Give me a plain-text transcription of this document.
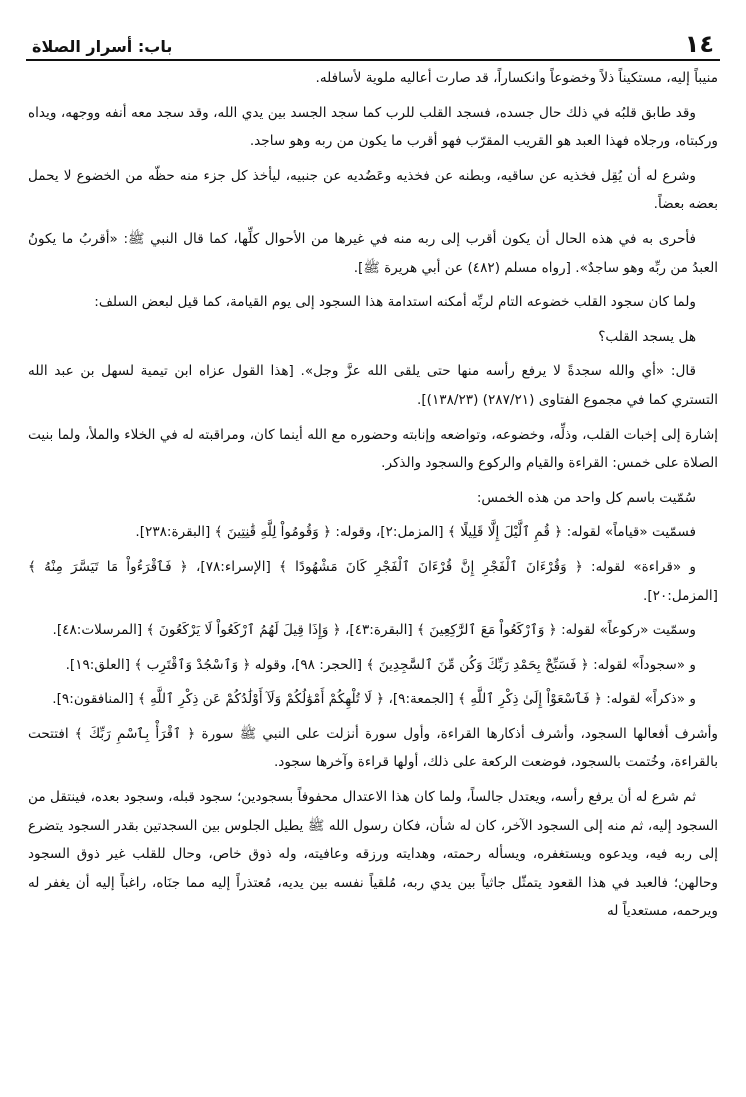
١٤
باب: أسرار الصلاة

منيباً إليه، مستكيناً ذلاً وخضوعاً وانكساراً، قد صارت أعاليه ملوية لأسافله.

وقد طابق قلبُه في ذلك حال جسده، فسجد القلب للرب كما سجد الجسد بين يدي الله، وقد سجد معه أنفه ووجهه، ويداه وركبتاه، ورجلاه فهذا العبد هو القريب المقرّب فهو أقرب ما يكون من ربه وهو ساجد.

وشرع له أن يُقِل فخذيه عن ساقيه، وبطنه عن فخذيه وعَضُديه عن جنبيه، ليأخذ كل جزء منه حظّه من الخضوع لا يحمل بعضه بعضاً.

فأحرى به في هذه الحال أن يكون أقرب إلى ربه منه في غيرها من الأحوال كلِّها، كما قال النبي ﷺ: «أقربُ ما يكونُ العبدُ من ربِّه وهو ساجدٌ». [رواه مسلم (٤٨٢) عن أبي هريرة ﷺ].

ولما كان سجود القلب خضوعه التام لربِّه أمكنه استدامة هذا السجود إلى يوم القيامة، كما قيل لبعض السلف:

هل يسجد القلب؟

قال: «أي والله سجدةً لا يرفع رأسه منها حتى يلقى الله عزَّ وجل». [هذا القول عزاه ابن تيمية لسهل بن عبد الله التستري كما في مجموع الفتاوى (٢٨٧/٢١) (١٣٨/٢٣)].

إشارة إلى إخبات القلب، وذلِّه، وخضوعه، وتواضعه وإنابته وحضوره مع الله أينما كان، ومراقبته له في الخلاء والملأ، ولما بنيت الصلاة على خمس: القراءة والقيام والركوع والسجود والذكر.

سُمّيت باسم كل واحد من هذه الخمس:

فسمّيت «قياماً» لقوله: ﴿ قُمِ ٱلَّيْلَ إِلَّا قَلِيلًا ﴾ [المزمل:٢]، وقوله: ﴿ وَقُومُواْ لِلَّهِ قَٰنِتِينَ ﴾ [البقرة:٢٣٨].

و «قراءة» لقوله: ﴿ وَقُرْءَانَ ٱلْفَجْرِ إِنَّ قُرْءَانَ ٱلْفَجْرِ كَانَ مَشْهُودًا ﴾ [الإسراء:٧٨]، ﴿ فَٱقْرَءُواْ مَا تَيَسَّرَ مِنْهُ ﴾ [المزمل:٢٠].

وسمّيت «ركوعاً» لقوله: ﴿ وَٱرْكَعُواْ مَعَ ٱلرَّٰكِعِينَ ﴾ [البقرة:٤٣]، ﴿ وَإِذَا قِيلَ لَهُمُ ٱرْكَعُواْ لَا يَرْكَعُونَ ﴾ [المرسلات:٤٨].

و «سجوداً» لقوله: ﴿ فَسَبِّحْ بِحَمْدِ رَبِّكَ وَكُن مِّنَ ٱلسَّٰجِدِينَ ﴾ [الحجر: ٩٨]، وقوله ﴿ وَٱسْجُدْ وَٱقْتَرِب ﴾ [العلق:١٩].

و «ذكراً» لقوله: ﴿ فَٱسْعَوْاْ إِلَىٰ ذِكْرِ ٱللَّهِ ﴾ [الجمعة:٩]، ﴿ لَا تُلْهِكُمْ أَمْوَٰلُكُمْ وَلَآ أَوْلَٰدُكُمْ عَن ذِكْرِ ٱللَّهِ ﴾ [المنافقون:٩].

وأشرف أفعالها السجود، وأشرف أذكارها القراءة، وأول سورة أنزلت على النبي ﷺ سورة ﴿ ٱقْرَأْ بِٱسْمِ رَبِّكَ ﴾ افتتحت بالقراءة، وخُتمت بالسجود، فوضعت الركعة على ذلك، أولها قراءة وآخرها سجود.

ثم شرع له أن يرفع رأسه، ويعتدل جالساً، ولما كان هذا الاعتدال محفوفاً بسجودين؛ سجود قبله، وسجود بعده، فينتقل من السجود إليه، ثم منه إلى السجود الآخر، كان له شأن، فكان رسول الله ﷺ يطيل الجلوس بين السجدتين بقدر السجود يتضرع إلى ربه فيه، ويدعوه ويستغفره، ويسأله رحمته، وهدايته ورزقه وعافيته، وله ذوق خاص، وحال للقلب غير ذوق السجود وحالهن؛ فالعبد في هذا القعود يتمثّل جاثياً بين يدي ربه، مُلقياً نفسه بين يديه، مُعتذراً إليه مما جنَاه، راغباً إليه أن يغفر له ويرحمه، مستعدياً له
